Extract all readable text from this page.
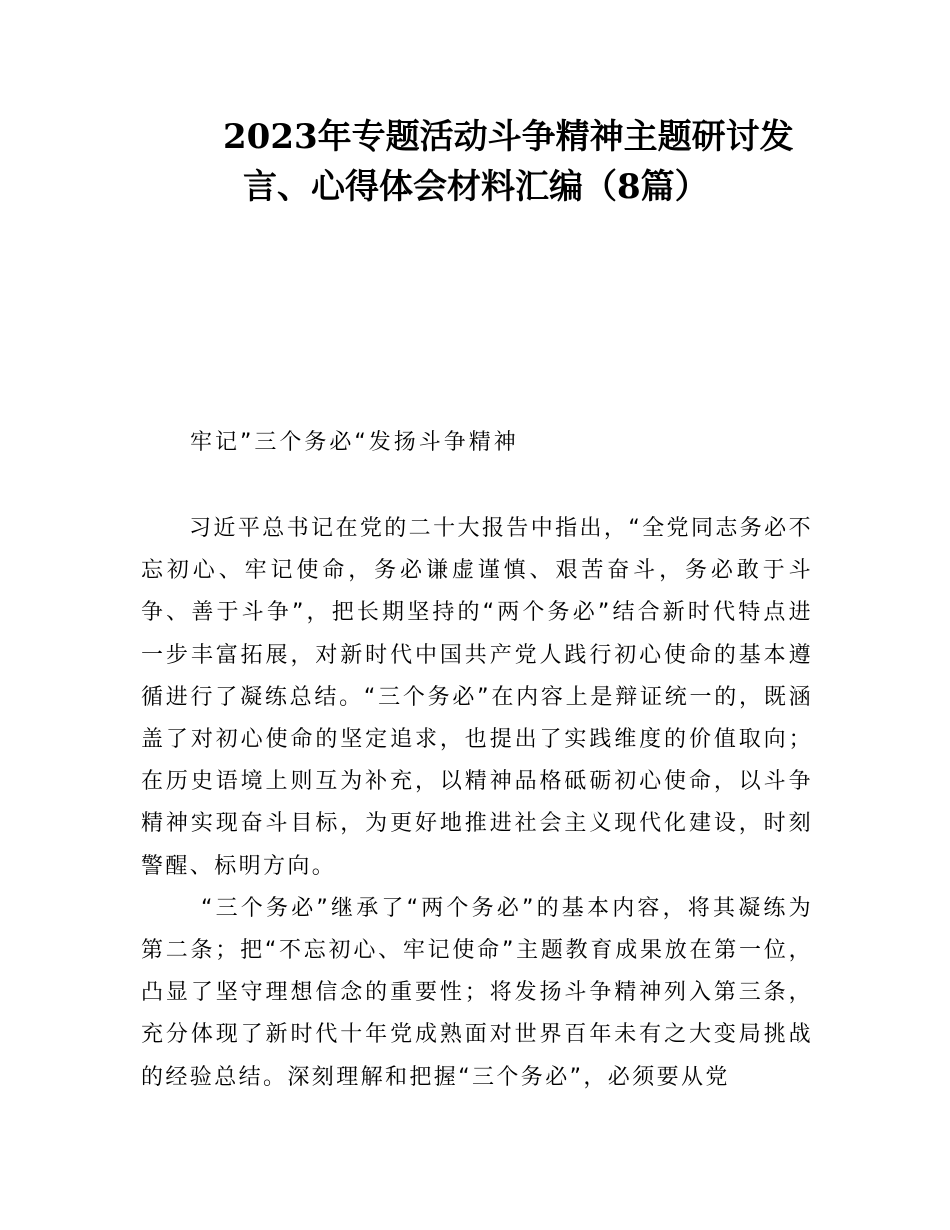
2023年专题活动斗争精神主题研讨发
言、心得体会材料汇编（8篇）

牢记”三个务必“发扬斗争精神

习近平总书记在党的二十大报告中指出，“全党同志务必不忘初心、牢记使命，务必谦虚谨慎、艰苦奋斗，务必敢于斗争、善于斗争”，把长期坚持的“两个务必”结合新时代特点进一步丰富拓展，对新时代中国共产党人践行初心使命的基本遵循进行了凝练总结。“三个务必”在内容上是辩证统一的，既涵盖了对初心使命的坚定追求，也提出了实践维度的价值取向；在历史语境上则互为补充，以精神品格砥砺初心使命，以斗争精神实现奋斗目标，为更好地推进社会主义现代化建设，时刻警醒、标明方向。

“三个务必”继承了“两个务必”的基本内容，将其凝练为第二条；把“不忘初心、牢记使命”主题教育成果放在第一位，凸显了坚守理想信念的重要性；将发扬斗争精神列入第三条，充分体现了新时代十年党成熟面对世界百年未有之大变局挑战的经验总结。深刻理解和把握“三个务必”，必须要从党
